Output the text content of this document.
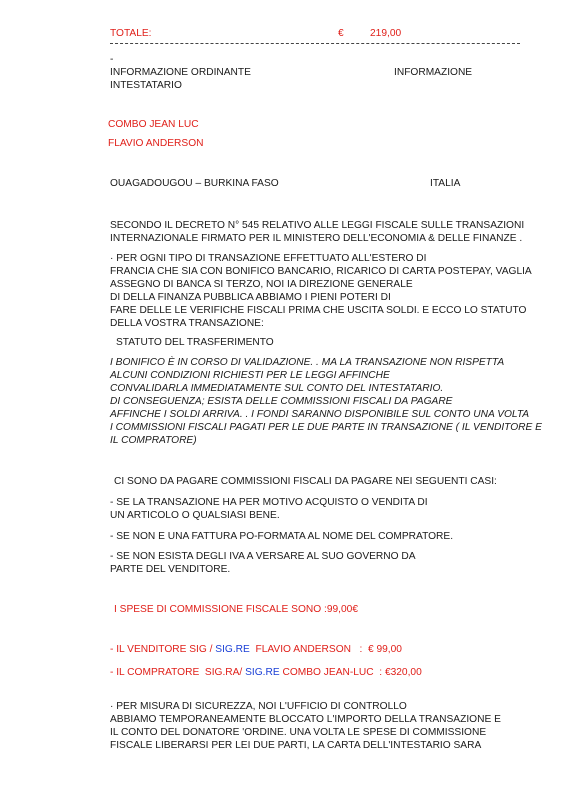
TOTALE:	€	219,00
-
INFORMAZIONE ORDINANTE	INFORMAZIONE
INTESTATARIO
COMBO JEAN LUC
FLAVIO ANDERSON
OUAGADOUGOU – BURKINA FASO	ITALIA
SECONDO IL DECRETO N° 545 RELATIVO ALLE LEGGI FISCALE SULLE TRANSAZIONI
INTERNAZIONALE FIRMATO PER IL MINISTERO DELL'ECONOMIA & DELLE FINANZE .
· PER OGNI TIPO DI TRANSAZIONE EFFETTUATO ALL'ESTERO DI
FRANCIA CHE SIA CON BONIFICO BANCARIO, RICARICO DI CARTA POSTEPAY, VAGLIA
ASSEGNO DI BANCA SI TERZO, NOI IA DIREZIONE GENERALE
DI DELLA FINANZA PUBBLICA ABBIAMO I PIENI POTERI DI
FARE DELLE LE VERIFICHE FISCALI PRIMA CHE USCITA SOLDI. E ECCO LO STATUTO
DELLA VOSTRA TRANSAZIONE:
STATUTO DEL TRASFERIMENTO
I BONIFICO È IN CORSO DI VALIDAZIONE. . MA LA TRANSAZIONE NON RISPETTA
ALCUNI CONDIZIONI RICHIESTI PER LE LEGGI AFFINCHE
CONVALIDARLA IMMEDIATAMENTE SUL CONTO DEL INTESTATARIO.
DI CONSEGUENZA; ESISTA DELLE COMMISSIONI FISCALI DA PAGARE
AFFINCHE I SOLDI ARRIVA. . I FONDI SARANNO DISPONIBILE SUL CONTO UNA VOLTA
I COMMISSIONI FISCALI PAGATI PER LE DUE PARTE IN TRANSAZIONE ( IL VENDITORE E
IL COMPRATORE)
CI SONO DA PAGARE COMMISSIONI FISCALI DA PAGARE NEI SEGUENTI CASI:
- SE LA TRANSAZIONE HA PER MOTIVO ACQUISTO O VENDITA DI
UN ARTICOLO O QUALSIASI BENE.
- SE NON E UNA FATTURA PO-FORMATA AL NOME DEL COMPRATORE.
- SE NON ESISTA DEGLI IVA A VERSARE AL SUO GOVERNO DA
PARTE DEL VENDITORE.
I SPESE DI COMMISSIONE FISCALE SONO :99,00€
- IL VENDITORE SIG / SIG.RE  FLAVIO ANDERSON   :  € 99,00
- IL COMPRATORE  SIG.RA/ SIG.RE COMBO JEAN-LUC  : €320,00
· PER MISURA DI SICUREZZA, NOI L'UFFICIO DI CONTROLLO
ABBIAMO TEMPORANEAMENTE BLOCCATO L'IMPORTO DELLA TRANSAZIONE E
IL CONTO DEL DONATORE 'ORDINE. UNA VOLTA LE SPESE DI COMMISSIONE
FISCALE LIBERARSI PER LEI DUE PARTI, LA CARTA DELL'INTESTARIO SARA
